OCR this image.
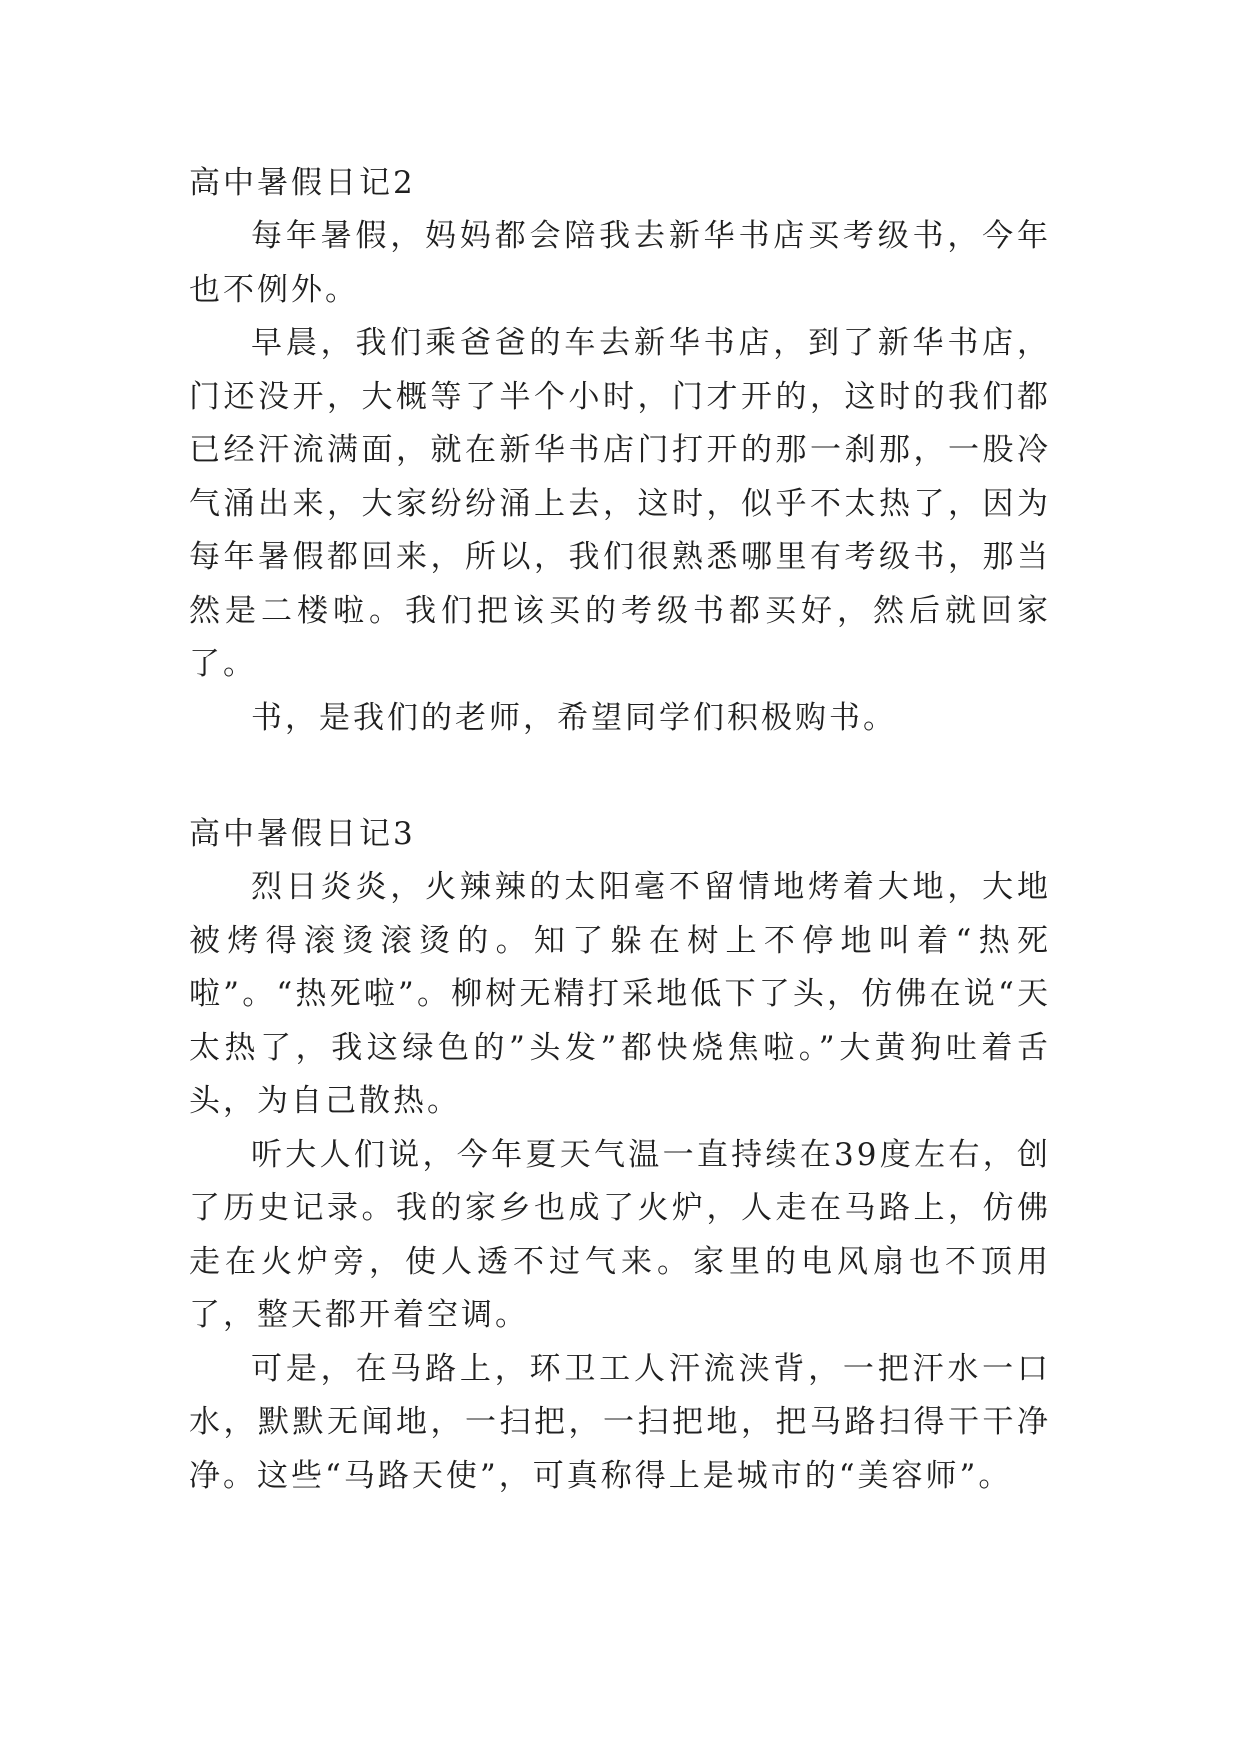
高中暑假日记2

每年暑假，妈妈都会陪我去新华书店买考级书，今年也不例外。

早晨，我们乘爸爸的车去新华书店，到了新华书店，门还没开，大概等了半个小时，门才开的，这时的我们都已经汗流满面，就在新华书店门打开的那一刹那，一股冷气涌出来，大家纷纷涌上去，这时，似乎不太热了，因为每年暑假都回来，所以，我们很熟悉哪里有考级书，那当然是二楼啦。我们把该买的考级书都买好，然后就回家了。

书，是我们的老师，希望同学们积极购书。

高中暑假日记3

烈日炎炎，火辣辣的太阳毫不留情地烤着大地，大地被烤得滚烫滚烫的。知了躲在树上不停地叫着“热死啦”。“热死啦”。柳树无精打采地低下了头，仿佛在说“天太热了，我这绿色的”头发”都快烧焦啦。”大黄狗吐着舌头，为自己散热。

听大人们说，今年夏天气温一直持续在39度左右，创了历史记录。我的家乡也成了火炉，人走在马路上，仿佛走在火炉旁，使人透不过气来。家里的电风扇也不顶用了，整天都开着空调。

可是，在马路上，环卫工人汗流浃背，一把汗水一口水，默默无闻地，一扫把，一扫把地，把马路扫得干干净净。这些“马路天使”，可真称得上是城市的“美容师”。
